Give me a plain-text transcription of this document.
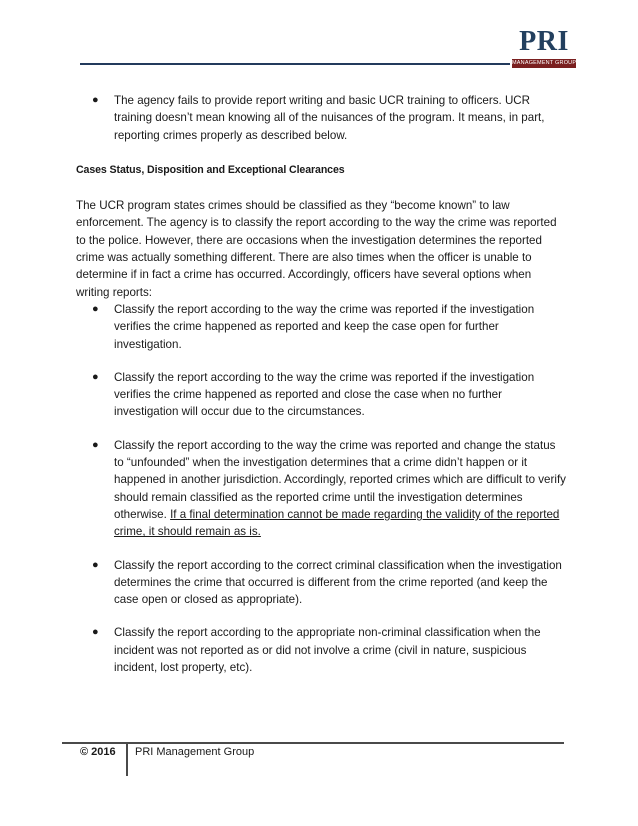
PRI
MANAGEMENT GROUP
● The agency fails to provide report writing and basic UCR training to officers. UCR training doesn’t mean knowing all of the nuisances of the program. It means, in part, reporting crimes properly as described below.
Cases Status, Disposition and Exceptional Clearances
The UCR program states crimes should be classified as they “become known” to law enforcement. The agency is to classify the report according to the way the crime was reported to the police. However, there are occasions when the investigation determines the reported crime was actually something different. There are also times when the officer is unable to determine if in fact a crime has occurred. Accordingly, officers have several options when writing reports:
● Classify the report according to the way the crime was reported if the investigation verifies the crime happened as reported and keep the case open for further investigation.
● Classify the report according to the way the crime was reported if the investigation verifies the crime happened as reported and close the case when no further investigation will occur due to the circumstances.
● Classify the report according to the way the crime was reported and change the status to “unfounded” when the investigation determines that a crime didn’t happen or it happened in another jurisdiction. Accordingly, reported crimes which are difficult to verify should remain classified as the reported crime until the investigation determines otherwise. If a final determination cannot be made regarding the validity of the reported crime, it should remain as is.
● Classify the report according to the correct criminal classification when the investigation determines the crime that occurred is different from the crime reported (and keep the case open or closed as appropriate).
● Classify the report according to the appropriate non-criminal classification when the incident was not reported as or did not involve a crime (civil in nature, suspicious incident, lost property, etc).
© 2016 PRI Management Group
